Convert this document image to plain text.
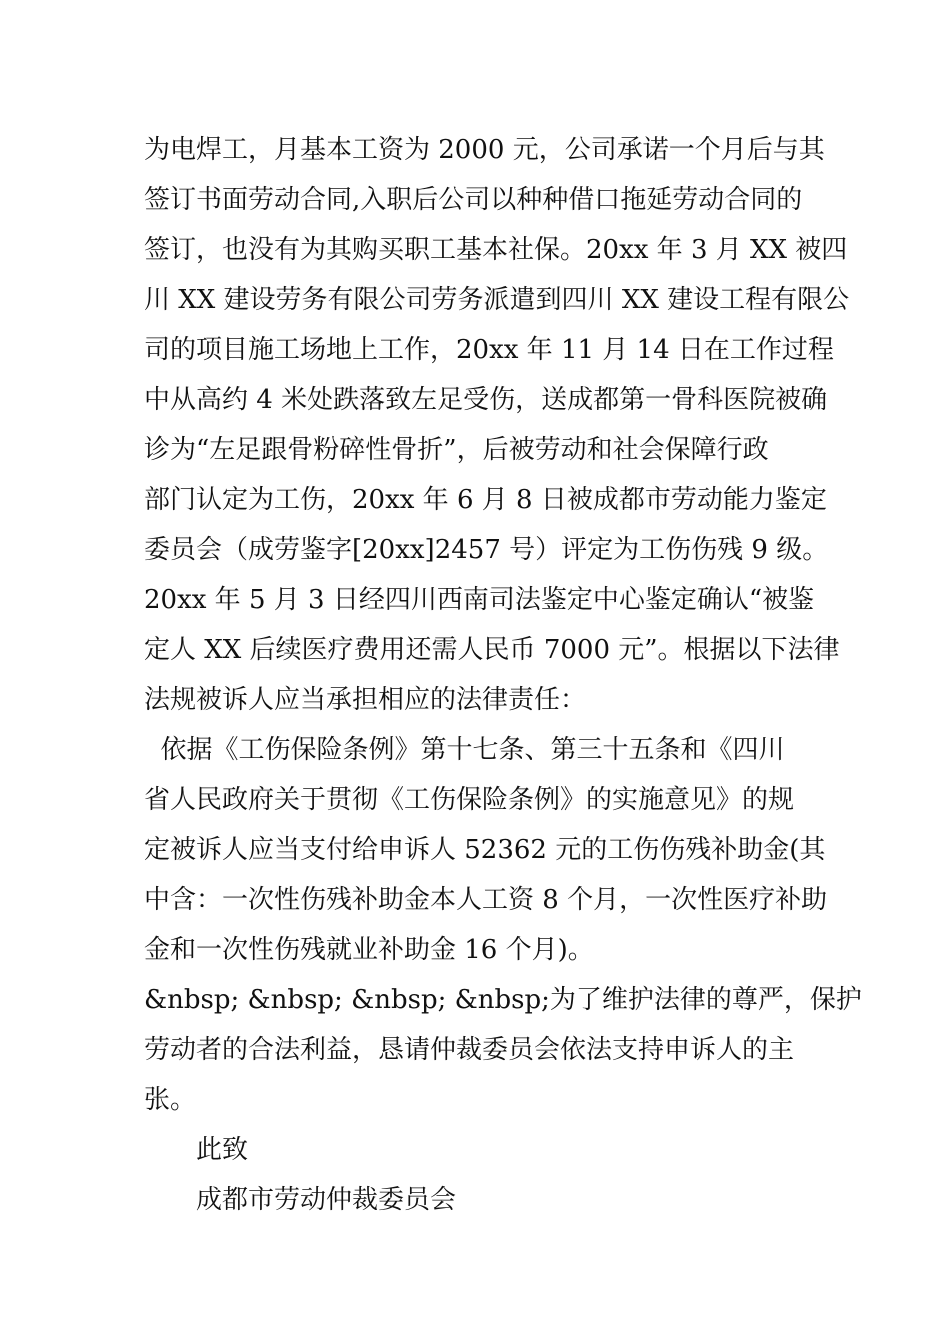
为电焊工，月基本工资为 2000 元，公司承诺一个月后与其
签订书面劳动合同,入职后公司以种种借口拖延劳动合同的
签订，也没有为其购买职工基本社保。20xx 年 3 月 XX 被四
川 XX 建设劳务有限公司劳务派遣到四川 XX 建设工程有限公
司的项目施工场地上工作，20xx 年 11 月 14 日在工作过程
中从高约 4 米处跌落致左足受伤，送成都第一骨科医院被确
诊为“左足跟骨粉碎性骨折”，后被劳动和社会保障行政
部门认定为工伤，20xx 年 6 月 8 日被成都市劳动能力鉴定
委员会（成劳鉴字[20xx]2457 号）评定为工伤伤残 9 级。
20xx 年 5 月 3 日经四川西南司法鉴定中心鉴定确认“被鉴
定人 XX 后续医疗费用还需人民币 7000 元”。根据以下法律
法规被诉人应当承担相应的法律责任：
依据《工伤保险条例》第十七条、第三十五条和《四川
省人民政府关于贯彻《工伤保险条例》的实施意见》的规
定被诉人应当支付给申诉人 52362 元的工伤伤残补助金(其
中含：一次性伤残补助金本人工资 8 个月，一次性医疗补助
金和一次性伤残就业补助金 16 个月)。
&nbsp; &nbsp; &nbsp; &nbsp;为了维护法律的尊严，保护
劳动者的合法利益，恳请仲裁委员会依法支持申诉人的主
张。
此致
成都市劳动仲裁委员会
